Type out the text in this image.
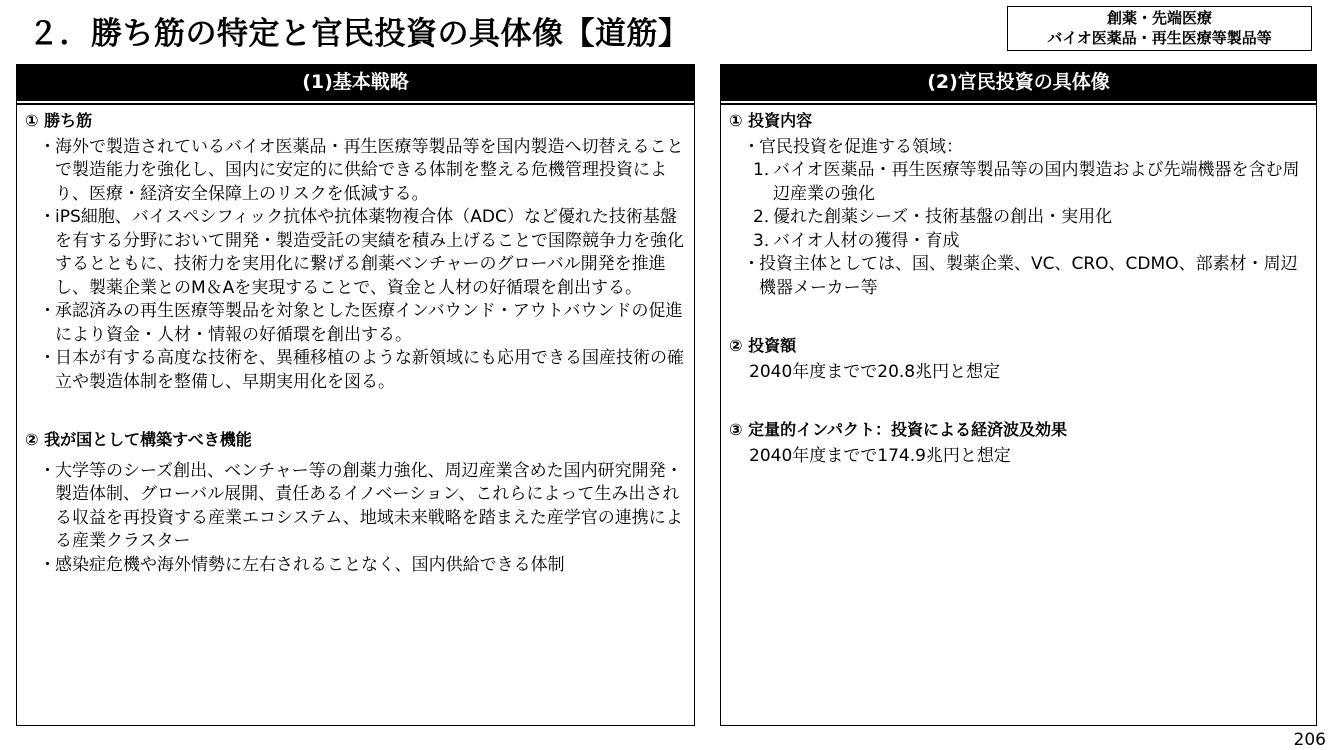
２．勝ち筋の特定と官民投資の具体像【道筋】	創薬・先端医療
バイオ医薬品・再生医療等製品等
(1)基本戦略

① 勝ち筋

・ 海外で製造されているバイオ医薬品・再生医療等製品等を国内製造へ切替えることで製造能力を強化し、国内に安定的に供給できる体制を整える危機管理投資により、医療・経済安全保障上のリスクを低減する。
・ iPS細胞、バイスペシフィック抗体や抗体薬物複合体（ADC）など優れた技術基盤を有する分野において開発・製造受託の実績を積み上げることで国際競争力を強化するとともに、技術力を実用化に繋げる創薬ベンチャーのグローバル開発を推進し、製薬企業とのM＆Aを実現することで、資金と人材の好循環を創出する。
・ 承認済みの再生医療等製品を対象とした医療インバウンド・アウトバウンドの促進により資金・人材・情報の好循環を創出する。
・ 日本が有する高度な技術を、異種移植のような新領域にも応用できる国産技術の確立や製造体制を整備し、早期実用化を図る。

② 我が国として構築すべき機能

・ 大学等のシーズ創出、ベンチャー等の創薬力強化、周辺産業含めた国内研究開発・製造体制、グローバル展開、責任あるイノベーション、これらによって生み出される収益を再投資する産業エコシステム、地域未来戦略を踏まえた産学官の連携による産業クラスター
・ 感染症危機や海外情勢に左右されることなく、国内供給できる体制
(2)官民投資の具体像

① 投資内容

・ 官民投資を促進する領域：
1．
バイオ医薬品・再生医療等製品等の国内製造および先端機器を含む周辺産業の強化
2．
優れた創薬シーズ・技術基盤の創出・実用化
3．
バイオ人材の獲得・育成
・ 投資主体としては、国、製薬企業、VC、CRO、CDMO、部素材・周辺機器メーカー等

② 投資額

2040年度までで20.8兆円と想定

③ 定量的インパクト：投資による経済波及効果

2040年度までで174.9兆円と想定

206
